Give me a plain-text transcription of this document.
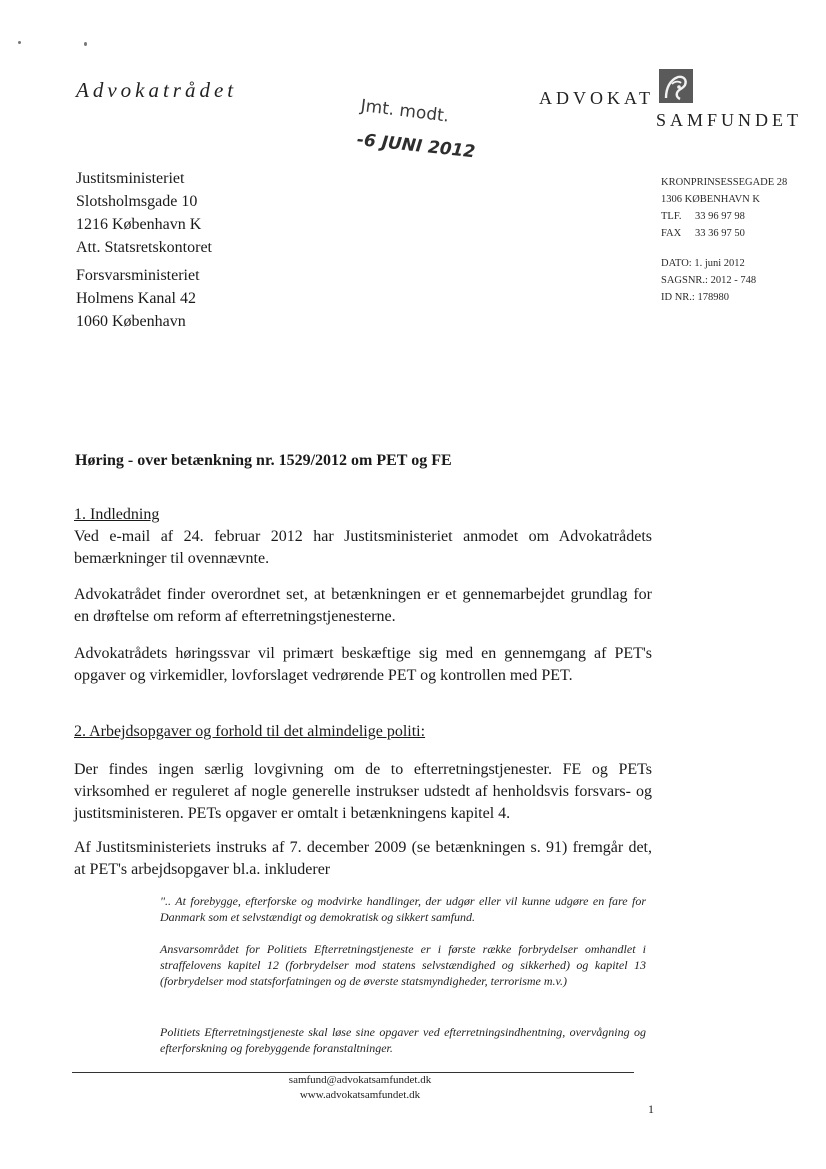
Advokatrådet
Jmt. modt.
-6 JUNI 2012
ADVOKAT
SAMFUNDET
Justitsministeriet
Slotsholmsgade 10
1216 København K
Att. Statsretskontoret
Forsvarsministeriet
Holmens Kanal 42
1060 København
KRONPRINSESSEGADE 28
1306 KØBENHAVN K
TLF. 33 96 97 98
FAX 33 36 97 50
DATO: 1. juni 2012
SAGSNR.: 2012 - 748
ID NR.: 178980
Høring - over betænkning nr. 1529/2012 om PET og FE
1. Indledning
Ved e-mail af 24. februar 2012 har Justitsministeriet anmodet om Advokatrådets bemærkninger til ovennævnte.
Advokatrådet finder overordnet set, at betænkningen er et gennemarbejdet grundlag for en drøftelse om reform af efterretningstjenesterne.
Advokatrådets høringssvar vil primært beskæftige sig med en gennemgang af PET's opgaver og virkemidler, lovforslaget vedrørende PET og kontrollen med PET.
2. Arbejdsopgaver og forhold til det almindelige politi:
Der findes ingen særlig lovgivning om de to efterretningstjenester. FE og PETs virksomhed er reguleret af nogle generelle instrukser udstedt af henholdsvis forsvars- og justitsministeren. PETs opgaver er omtalt i betænkningens kapitel 4.
Af Justitsministeriets instruks af 7. december 2009 (se betænkningen s. 91) fremgår det, at PET's arbejdsopgaver bl.a. inkluderer
".. At forebygge, efterforske og modvirke handlinger, der udgør eller vil kunne udgøre en fare for Danmark som et selvstændigt og demokratisk og sikkert samfund.
Ansvarsområdet for Politiets Efterretningstjeneste er i første række forbrydelser omhandlet i straffelovens kapitel 12 (forbrydelser mod statens selvstændighed og sikkerhed) og kapitel 13 (forbrydelser mod statsforfatningen og de øverste statsmyndigheder, terrorisme m.v.)
Politiets Efterretningstjeneste skal løse sine opgaver ved efterretningsindhentning, overvågning og efterforskning og forebyggende foranstaltninger.
samfund@advokatsamfundet.dk
www.advokatsamfundet.dk
1
